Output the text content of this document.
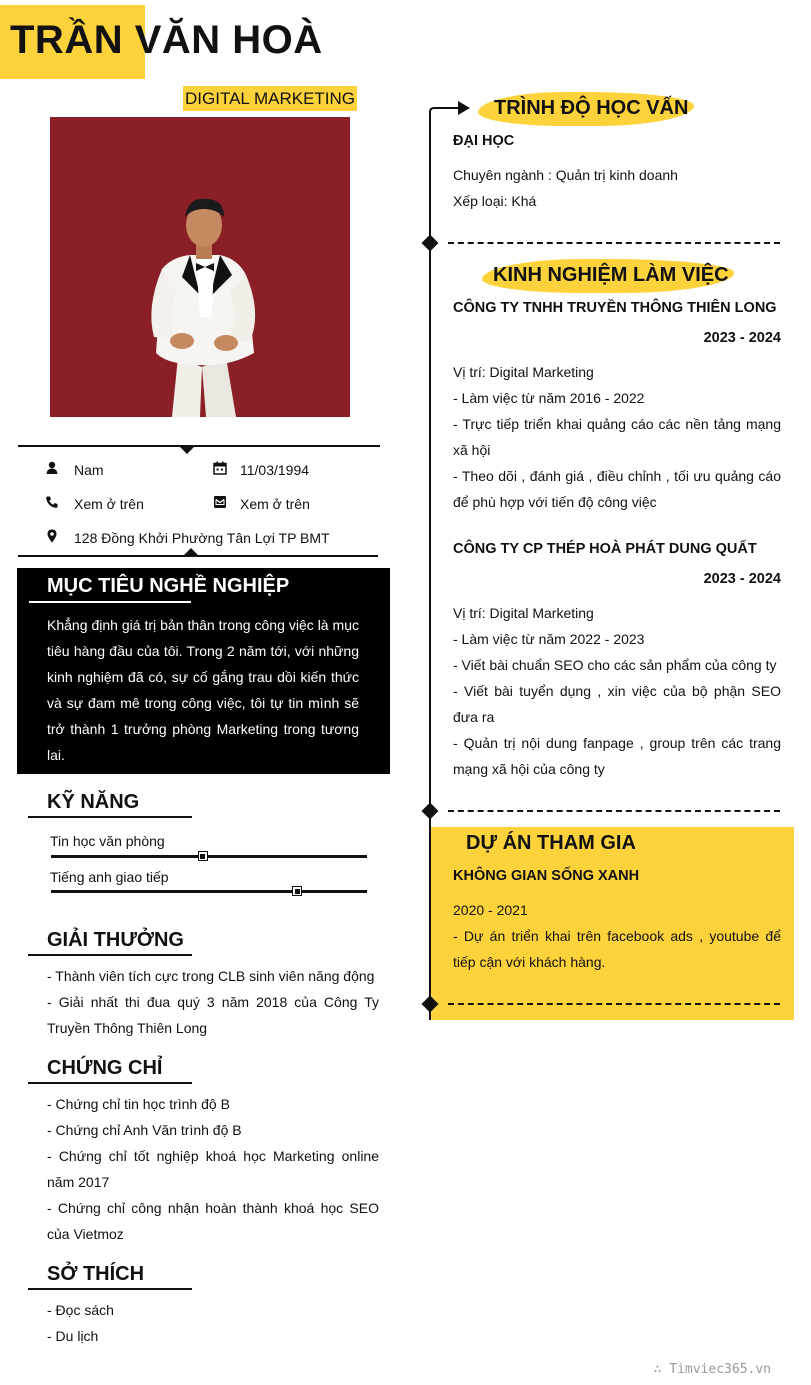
TRẦN VĂN HOÀ
DIGITAL MARKETING
Nam	11/03/1994
Xem ở trên	Xem ở trên
128 Đồng Khởi Phường Tân Lợi TP BMT
MỤC TIÊU NGHỀ NGHIỆP
Khẳng định giá trị bản thân trong công việc là mục tiêu hàng đầu của tôi. Trong 2 năm tới, với những kinh nghiệm đã có, sự cố gắng trau dồi kiến thức và sự đam mê trong công việc, tôi tự tin mình sẽ trở thành 1 trưởng phòng Marketing trong tương lai.
KỸ NĂNG
Tin học văn phòng
Tiếng anh giao tiếp
GIẢI THƯỞNG
- Thành viên tích cực trong CLB sinh viên năng động
- Giải nhất thi đua quý 3 năm 2018 của Công Ty Truyền Thông Thiên Long
CHỨNG CHỈ
- Chứng chỉ tin học trình độ B
- Chứng chỉ Anh Văn trình độ B
- Chứng chỉ tốt nghiệp khoá học Marketing online năm 2017
- Chứng chỉ công nhận hoàn thành khoá học SEO của Vietmoz
SỞ THÍCH
- Đọc sách
- Du lịch
TRÌNH ĐỘ HỌC VẤN
ĐẠI HỌC
Chuyên ngành : Quản trị kinh doanh
Xếp loại: Khá
KINH NGHIỆM LÀM VIỆC
CÔNG TY TNHH TRUYỀN THÔNG THIÊN LONG
2023 - 2024
Vị trí: Digital Marketing
- Làm việc từ năm 2016 - 2022
- Trực tiếp triển khai quảng cáo các nền tảng mạng xã hội
- Theo dõi , đánh giá , điều chỉnh , tối ưu quảng cáo để phù hợp với tiến độ công việc
CÔNG TY CP THÉP HOÀ PHÁT DUNG QUẤT
2023 - 2024
Vị trí: Digital Marketing
- Làm việc từ năm 2022 - 2023
- Viết bài chuẩn SEO cho các sản phẩm của công ty
- Viết bài tuyển dụng , xin việc của bộ phận SEO đưa ra
- Quản trị nội dung fanpage , group trên các trang mạng xã hội của công ty
DỰ ÁN THAM GIA
KHÔNG GIAN SỐNG XANH
2020 - 2021
- Dự án triển khai trên facebook ads , youtube để tiếp cận với khách hàng.
∴ Timviec365.vn
